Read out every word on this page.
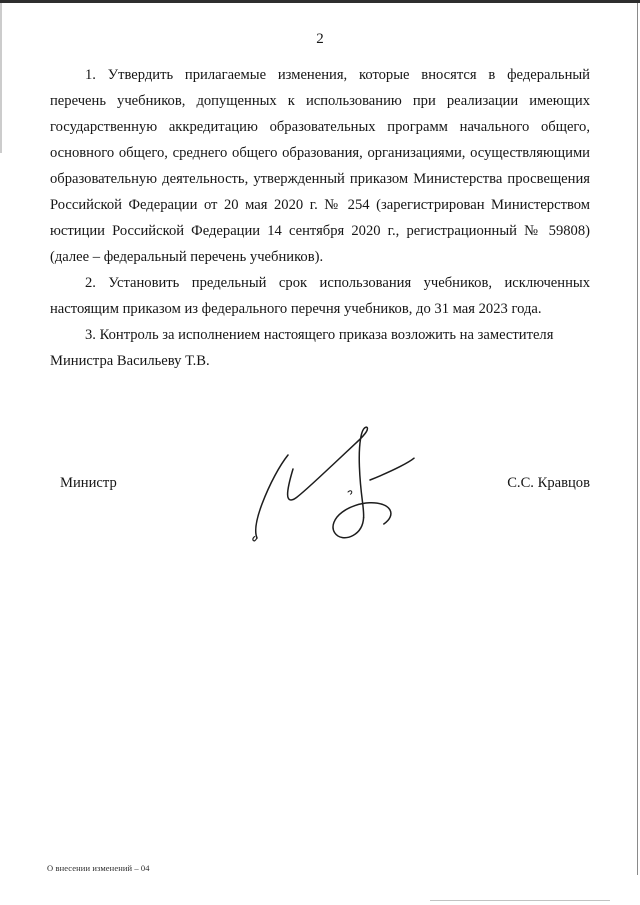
2

1. Утвердить прилагаемые изменения, которые вносятся в федеральный перечень учебников, допущенных к использованию при реализации имеющих государственную аккредитацию образовательных программ начального общего, основного общего, среднего общего образования, организациями, осуществляющими образовательную деятельность, утвержденный приказом Министерства просвещения Российской Федерации от 20 мая 2020 г. № 254 (зарегистрирован Министерством юстиции Российской Федерации 14 сентября 2020 г., регистрационный № 59808) (далее – федеральный перечень учебников).

2. Установить предельный срок использования учебников, исключенных настоящим приказом из федерального перечня учебников, до 31 мая 2023 года.

3. Контроль за исполнением настоящего приказа возложить на заместителя Министра Васильеву Т.В.

Министр	С.С. Кравцов
О внесении изменений – 04
